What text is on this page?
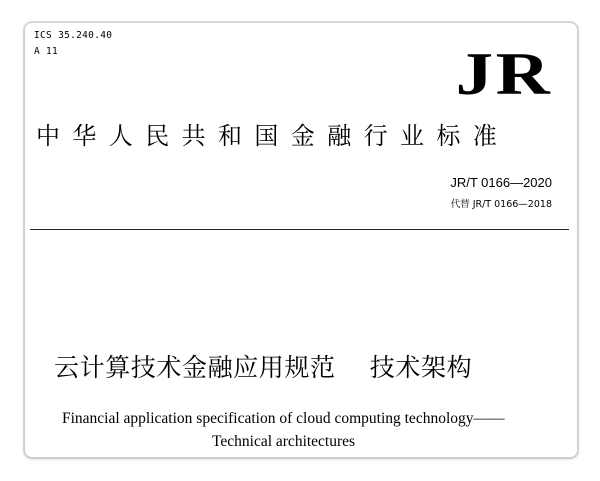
ICS 35.240.40
A 11	JR
中华人民共和国金融行业标准
JR/T 0166—2020
代替 JR/T 0166—2018
云计算技术金融应用规范    技术架构
Financial application specification of cloud computing technology——
Technical architectures
